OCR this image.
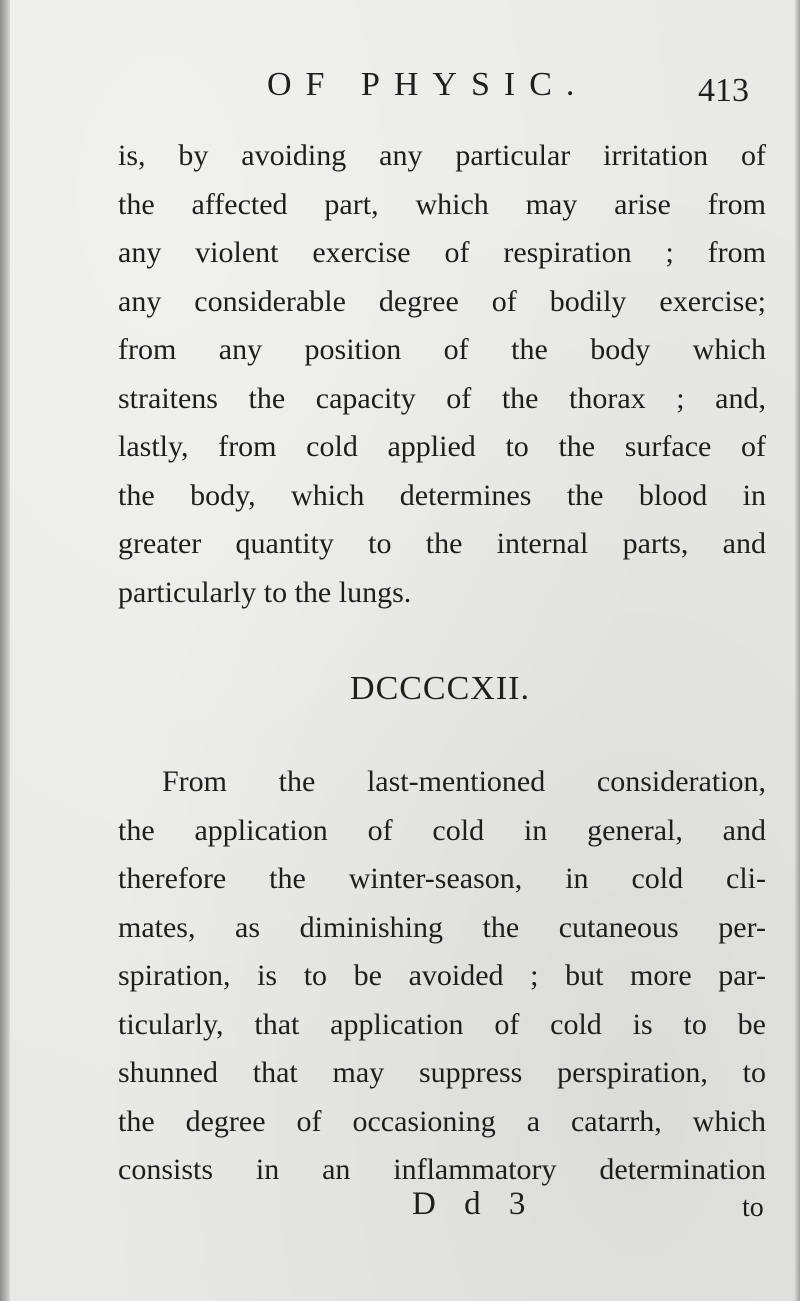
OF PHYSIC.	413
is, by avoiding any particular irritation of
the affected part, which may arise from
any violent exercise of respiration ; from
any considerable degree of bodily exercise;
from any position of the body which
straitens the capacity of the thorax ; and,
lastly, from cold applied to the surface of
the body, which determines the blood in
greater quantity to the internal parts, and
particularly to the lungs.
DCCCCXII.
From the last-mentioned consideration,
the application of cold in general, and
therefore the winter-season, in cold cli-
mates, as diminishing the cutaneous per-
spiration, is to be avoided ; but more par-
ticularly, that application of cold is to be
shunned that may suppress perspiration, to
the degree of occasioning a catarrh, which
consists in an inflammatory determination
D d 3	to
